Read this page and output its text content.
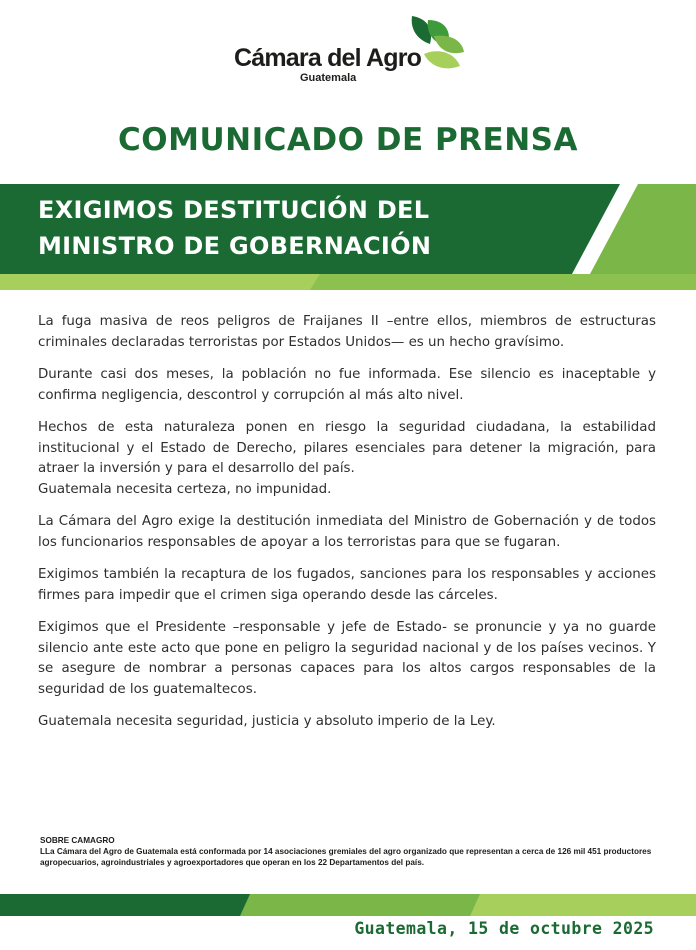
Cámara del Agro
Guatemala
COMUNICADO DE PRENSA
EXIGIMOS DESTITUCIÓN DEL
MINISTRO DE GOBERNACIÓN

La fuga masiva de reos peligros de Fraijanes II –entre ellos, miembros de estructuras criminales declaradas terroristas por Estados Unidos— es un hecho gravísimo.

Durante casi dos meses, la población no fue informada. Ese silencio es inaceptable y confirma negligencia, descontrol y corrupción al más alto nivel.

Hechos de esta naturaleza ponen en riesgo la seguridad ciudadana, la estabilidad institucional y el Estado de Derecho, pilares esenciales para detener la migración, para atraer la inversión y para el desarrollo del país.
Guatemala necesita certeza, no impunidad.

La Cámara del Agro exige la destitución inmediata del Ministro de Gobernación y de todos los funcionarios responsables de apoyar a los terroristas para que se fugaran.

Exigimos también la recaptura de los fugados, sanciones para los responsables y acciones firmes para impedir que el crimen siga operando desde las cárceles.

Exigimos que el Presidente –responsable y jefe de Estado- se pronuncie y ya no guarde silencio ante este acto que pone en peligro la seguridad nacional y de los países vecinos. Y se asegure de nombrar a personas capaces para los altos cargos responsables de la seguridad de los guatemaltecos.

Guatemala necesita seguridad, justicia y absoluto imperio de la Ley.

SOBRE CAMAGRO
LLa Cámara del Agro de Guatemala está conformada por 14 asociaciones gremiales del agro organizado que representan a cerca de 126 mil 451 productores agropecuarios, agroindustriales y agroexportadores que operan en los 22 Departamentos del país.
Guatemala, 15 de octubre 2025
